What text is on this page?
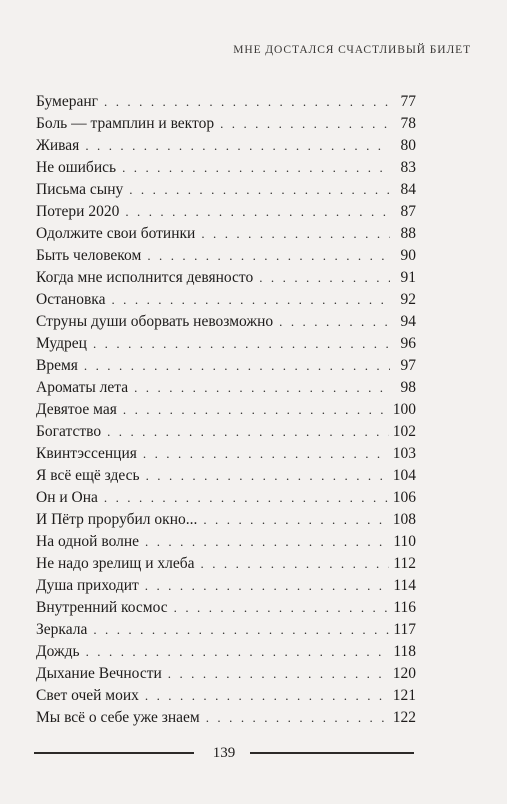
МНЕ ДОСТАЛСЯ СЧАСТЛИВЫЙ БИЛЕТ
Бумеранг . . .	77
Боль — трамплин и вектор . . .	78
Живая . . .	80
Не ошибись . . .	83
Письма сыну . . .	84
Потери 2020 . . .	87
Одолжите свои ботинки . . .	88
Быть человеком . . .	90
Когда мне исполнится девяносто . . .	91
Остановка . . .	92
Струны души оборвать невозможно . . .	94
Мудрец . . .	96
Время . . .	97
Ароматы лета . . .	98
Девятое мая . . .	100
Богатство . . .	102
Квинтэссенция . . .	103
Я всё ещё здесь . . .	104
Он и Она . . .	106
И Пётр прорубил окно... . . .	108
На одной волне . . .	110
Не надо зрелищ и хлеба . . .	112
Душа приходит . . .	114
Внутренний космос . . .	116
Зеркала . . .	117
Дождь . . .	118
Дыхание Вечности . . .	120
Свет очей моих . . .	121
Мы всё о себе уже знаем . . .	122
139
